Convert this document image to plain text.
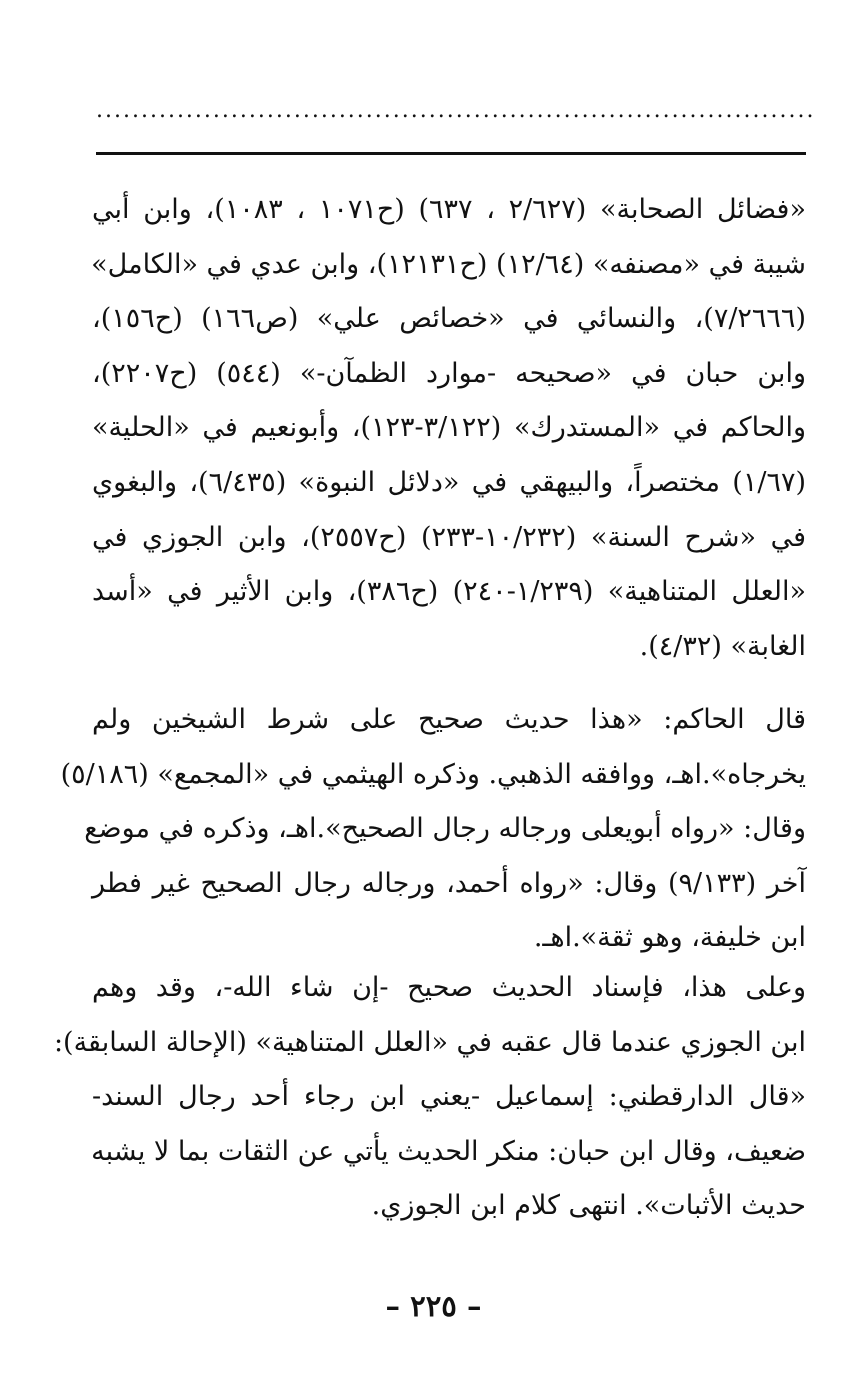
................................................................................
«فضائل الصحابة» (٢/٦٢٧ ، ٦٣٧) (ح١٠٧١ ، ١٠٨٣)، وابن أبي
شيبة في «مصنفه» (١٢/٦٤) (ح١٢١٣١)، وابن عدي في «الكامل»
(٧/٢٦٦٦)، والنسائي في «خصائص علي» (ص١٦٦) (ح١٥٦)،
وابن حبان في «صحيحه -موارد الظمآن-» (٥٤٤) (ح٢٢٠٧)،
والحاكم في «المستدرك» (٣/١٢٢-١٢٣)، وأبونعيم في «الحلية»
(١/٦٧) مختصراً، والبيهقي في «دلائل النبوة» (٦/٤٣٥)، والبغوي
في «شرح السنة» (١٠/٢٣٢-٢٣٣) (ح٢٥٥٧)، وابن الجوزي في
«العلل المتناهية» (١/٢٣٩-٢٤٠) (ح٣٨٦)، وابن الأثير في «أسد
الغابة» (٤/٣٢).
قال الحاكم: «هذا حديث صحيح على شرط الشيخين ولم
يخرجاه».اهـ، ووافقه الذهبي. وذكره الهيثمي في «المجمع» (٥/١٨٦)
وقال: «رواه أبويعلى ورجاله رجال الصحيح».اهـ، وذكره في موضع
آخر (٩/١٣٣) وقال: «رواه أحمد، ورجاله رجال الصحيح غير فطر
ابن خليفة، وهو ثقة».اهـ.
وعلى هذا، فإسناد الحديث صحيح -إن شاء الله-، وقد وهم
ابن الجوزي عندما قال عقبه في «العلل المتناهية» (الإحالة السابقة):
«قال الدارقطني: إسماعيل -يعني ابن رجاء أحد رجال السند-
ضعيف، وقال ابن حبان: منكر الحديث يأتي عن الثقات بما لا يشبه
حديث الأثبات». انتهى كلام ابن الجوزي.
– ٢٢٥ –
